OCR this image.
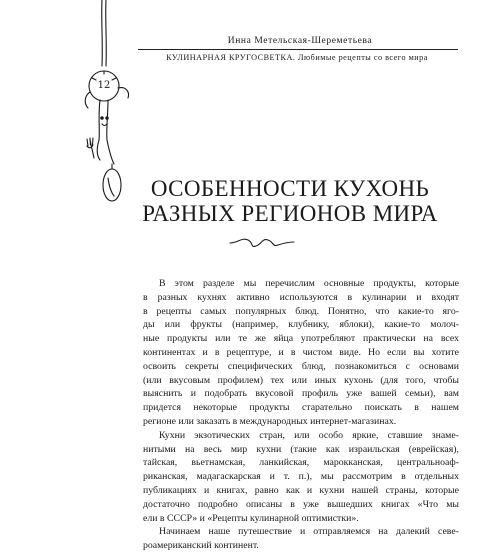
12
Инна Метельская-Шереметьева
КУЛИНАРНАЯ КРУГОСВЕТКА. Любимые рецепты со всего мира
ОСОБЕННОСТИ КУХОНЬ
РАЗНЫХ РЕГИОНОВ МИРА

В этом разделе мы перечислим основные продукты, которые
в разных кухнях активно используются в кулинарии и входят
в рецепты самых популярных блюд. Понятно, что какие-то яго-
ды или фрукты (например, клубнику, яблоки), какие-то молоч-
ные продукты или те же яйца употребляют практически на всех
континентах и в рецептуре, и в чистом виде. Но если вы хотите
освоить секреты специфических блюд, познакомиться с основами
(или вкусовым профилем) тех или иных кухонь (для того, чтобы
выяснить и подобрать вкусовой профиль уже вашей семьи), вам
придется некоторые продукты старательно поискать в нашем
регионе или заказать в международных интернет-магазинах.

Кухни экзотических стран, или особо яркие, ставшие знаме-
нитыми на весь мир кухни (такие как израильская (еврейская),
тайская, вьетнамская, ланкийская, марокканская, центральноаф-
риканская, мадагаскарская и т. п.), мы рассмотрим в отдельных
публикациях и книгах, равно как и кухни нашей страны, которые
достаточно подробно описаны в уже вышедших книгах «Что мы
ели в СССР» и «Рецепты кулинарной оптимистки».

Начинаем наше путешествие и отправляемся на далекий севе-
роамериканский континент.
